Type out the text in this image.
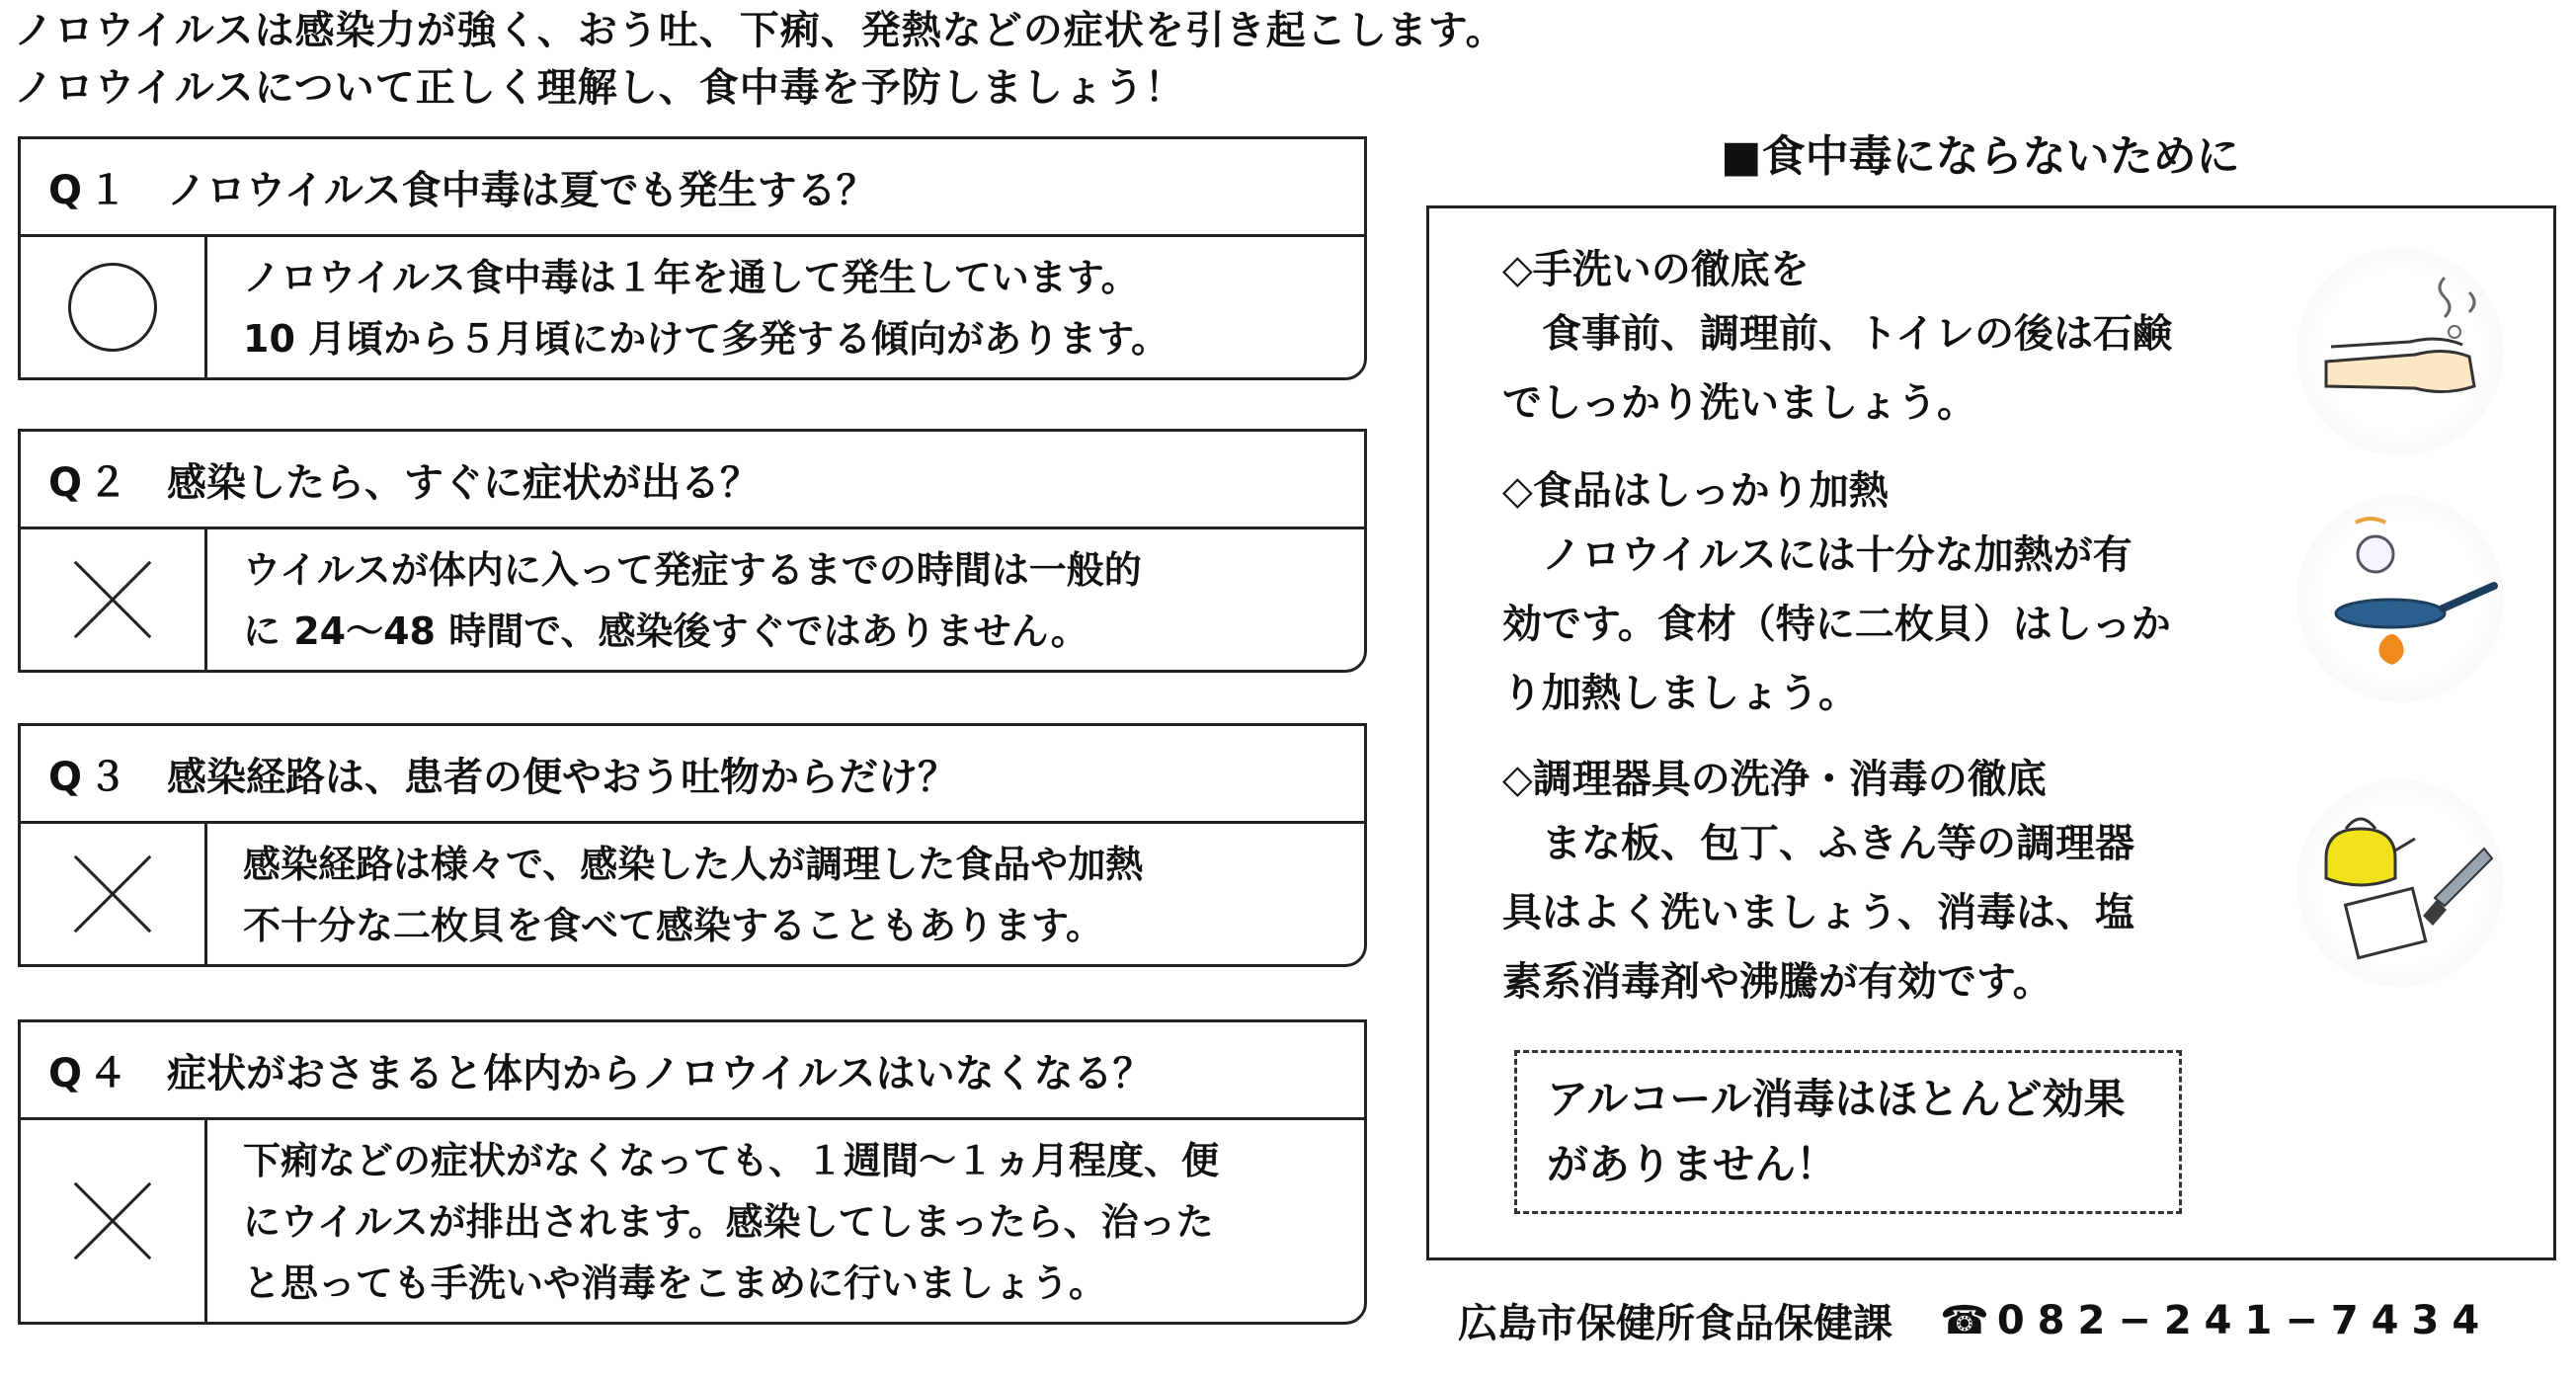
ノロウイルスは感染力が強く、おう吐、下痢、発熱などの症状を引き起こします。
ノロウイルスについて正しく理解し、食中毒を予防しましょう！
Q１ ノロウイルス食中毒は夏でも発生する？
ノロウイルス食中毒は１年を通して発生しています。
10 月頃から５月頃にかけて多発する傾向があります。
Q２ 感染したら、すぐに症状が出る？
ウイルスが体内に入って発症するまでの時間は一般的
に 24～48 時間で、感染後すぐではありません。
Q３ 感染経路は、患者の便やおう吐物からだけ？
感染経路は様々で、感染した人が調理した食品や加熱
不十分な二枚貝を食べて感染することもあります。
Q４ 症状がおさまると体内からノロウイルスはいなくなる？
下痢などの症状がなくなっても、１週間～１ヵ月程度、便
にウイルスが排出されます。感染してしまったら、治った
と思っても手洗いや消毒をこまめに行いましょう。
■食中毒にならないために
◇手洗いの徹底を
　食事前、調理前、トイレの後は石鹸
でしっかり洗いましょう。
◇食品はしっかり加熱
　ノロウイルスには十分な加熱が有
効です。食材（特に二枚貝）はしっか
り加熱しましょう。
◇調理器具の洗浄・消毒の徹底
　まな板、包丁、ふきん等の調理器
具はよく洗いましょう、消毒は、塩
素系消毒剤や沸騰が有効です。
アルコール消毒はほとんど効果
がありません！
広島市保健所食品保健課 ☎ 082−241−7434
